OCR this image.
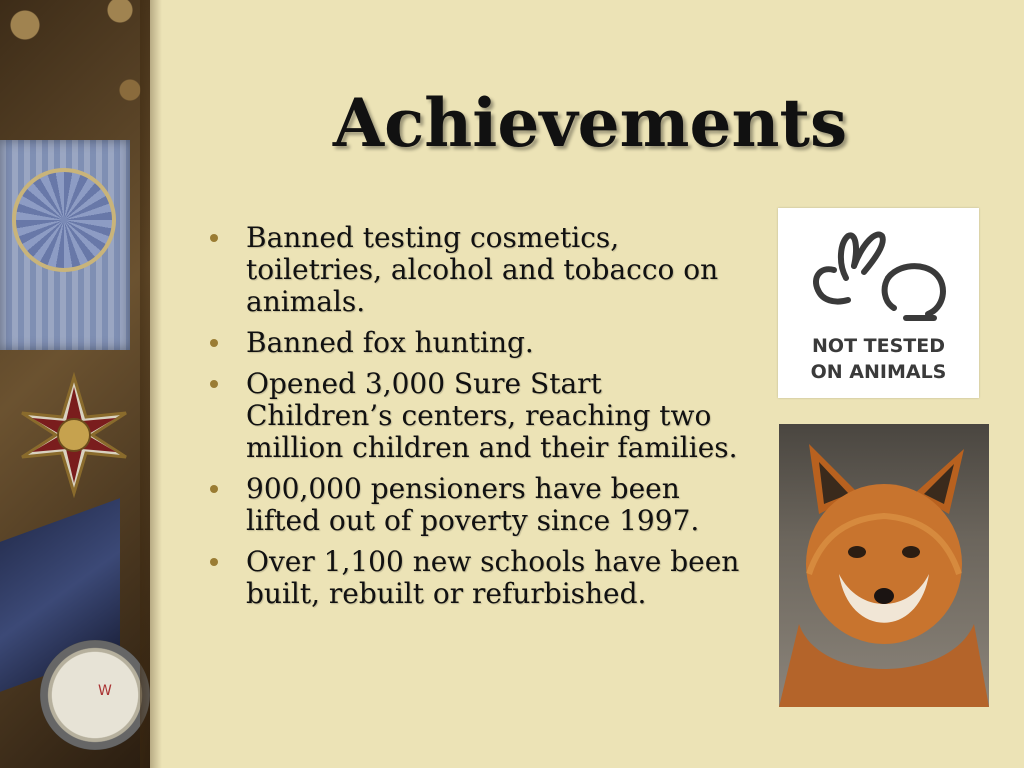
W
Achievements
Banned testing cosmetics, toiletries, alcohol and tobacco on animals.
Banned fox hunting.
Opened 3,000 Sure Start Children’s centers, reaching two million children and their families.
900,000 pensioners have been lifted out of poverty since 1997.
Over 1,100 new schools have been built, rebuilt or refurbished.
NOT TESTED
ON ANIMALS
